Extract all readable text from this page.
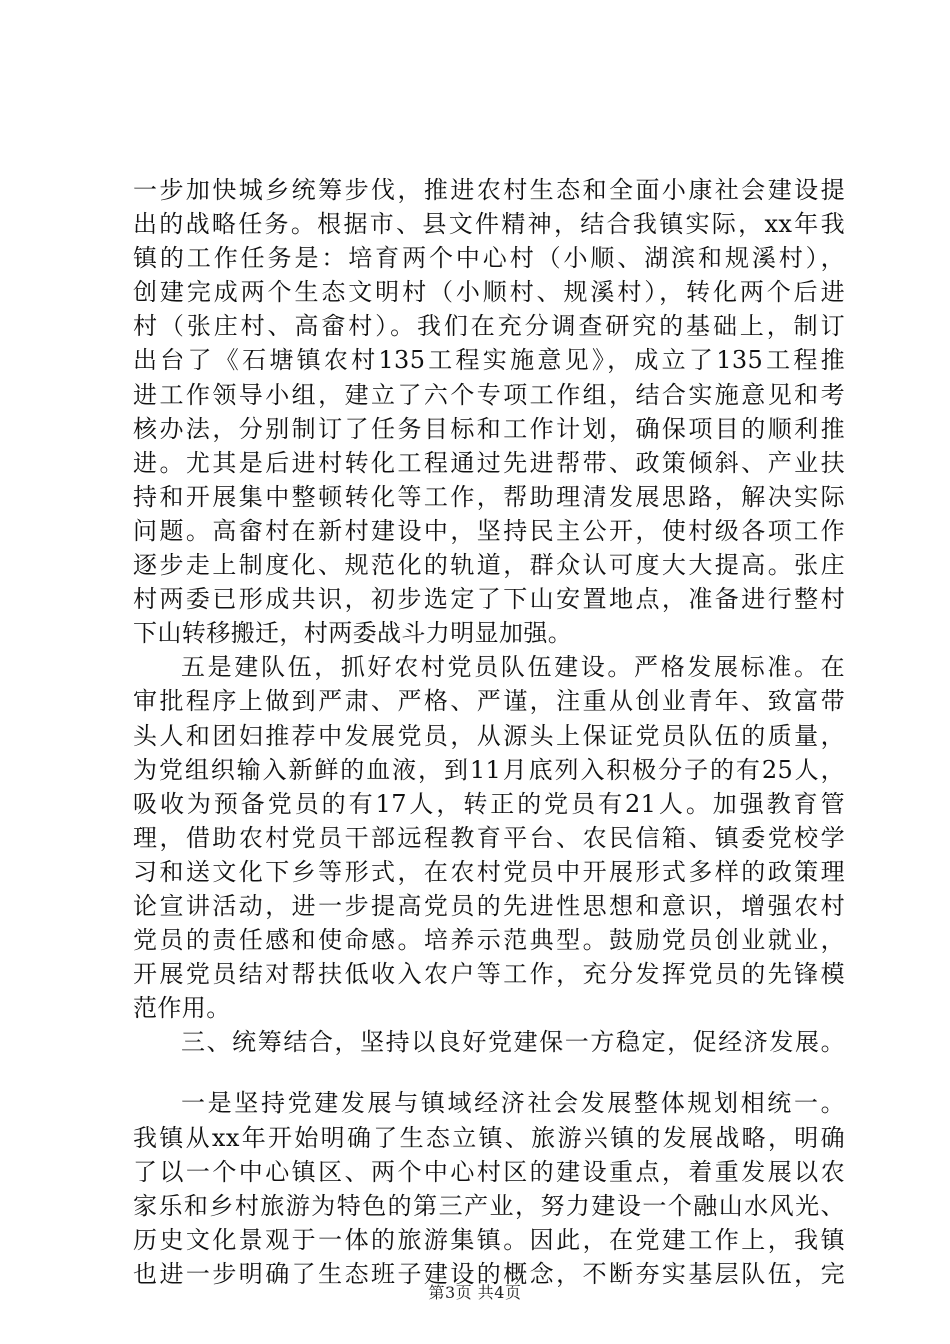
一步加快城乡统筹步伐，推进农村生态和全面小康社会建设提
出的战略任务。根据市、县文件精神，结合我镇实际，xx年我
镇的工作任务是：培育两个中心村（小顺、湖滨和规溪村），
创建完成两个生态文明村（小顺村、规溪村），转化两个后进
村（张庄村、高畲村）。我们在充分调查研究的基础上，制订
出台了《石塘镇农村135工程实施意见》，成立了135工程推
进工作领导小组，建立了六个专项工作组，结合实施意见和考
核办法，分别制订了任务目标和工作计划，确保项目的顺利推
进。尤其是后进村转化工程通过先进帮带、政策倾斜、产业扶
持和开展集中整顿转化等工作，帮助理清发展思路，解决实际
问题。高畲村在新村建设中，坚持民主公开，使村级各项工作
逐步走上制度化、规范化的轨道，群众认可度大大提高。张庄
村两委已形成共识，初步选定了下山安置地点，准备进行整村
下山转移搬迁，村两委战斗力明显加强。
五是建队伍，抓好农村党员队伍建设。严格发展标准。在
审批程序上做到严肃、严格、严谨，注重从创业青年、致富带
头人和团妇推荐中发展党员，从源头上保证党员队伍的质量，
为党组织输入新鲜的血液，到11月底列入积极分子的有25人，
吸收为预备党员的有17人，转正的党员有21人。加强教育管
理，借助农村党员干部远程教育平台、农民信箱、镇委党校学
习和送文化下乡等形式，在农村党员中开展形式多样的政策理
论宣讲活动，进一步提高党员的先进性思想和意识，增强农村
党员的责任感和使命感。培养示范典型。鼓励党员创业就业，
开展党员结对帮扶低收入农户等工作，充分发挥党员的先锋模
范作用。
三、统筹结合，坚持以良好党建保一方稳定，促经济发展。
一是坚持党建发展与镇域经济社会发展整体规划相统一。
我镇从xx年开始明确了生态立镇、旅游兴镇的发展战略，明确
了以一个中心镇区、两个中心村区的建设重点，着重发展以农
家乐和乡村旅游为特色的第三产业，努力建设一个融山水风光、
历史文化景观于一体的旅游集镇。因此，在党建工作上，我镇
也进一步明确了生态班子建设的概念，不断夯实基层队伍，完
第3页 共4页
